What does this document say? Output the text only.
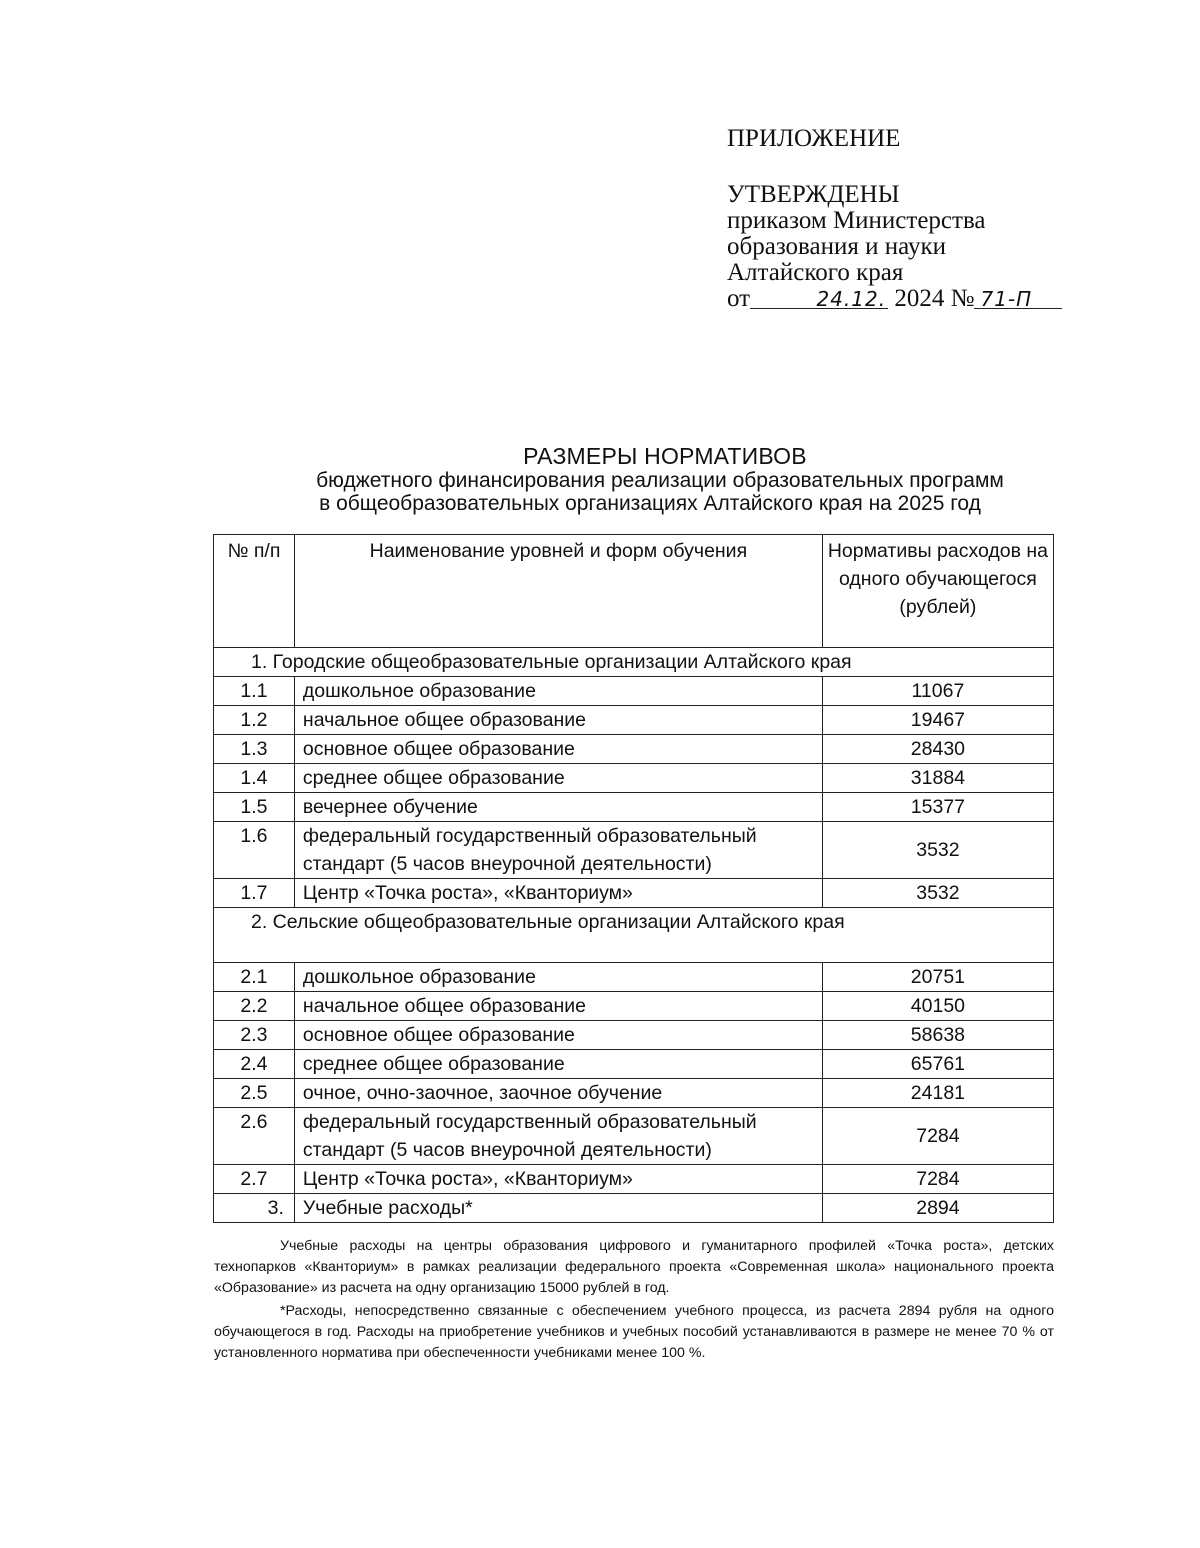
ПРИЛОЖЕНИЕ
УТВЕРЖДЕНЫ
приказом Министерства
образования и науки
Алтайского края
от	24.12. 2024 № 71-П
РАЗМЕРЫ НОРМАТИВОВ
бюджетного финансирования реализации образовательных программ
в общеобразовательных организациях Алтайского края на 2025 год
№ п/п	Наименование уровней и форм обучения	Нормативы расходов на одного обучающегося (рублей)
1. Городские общеобразовательные организации Алтайского края		
1.1	дошкольное образование	11067
1.2	начальное общее образование	19467
1.3	основное общее образование	28430
1.4	среднее общее образование	31884
1.5	вечернее обучение	15377
1.6	федеральный государственный образовательный стандарт (5 часов внеурочной деятельности)	3532
1.7	Центр «Точка роста», «Кванториум»	3532
2. Сельские общеобразовательные организации Алтайского края		
2.1	дошкольное образование	20751
2.2	начальное общее образование	40150
2.3	основное общее образование	58638
2.4	среднее общее образование	65761
2.5	очное, очно-заочное, заочное обучение	24181
2.6	федеральный государственный образовательный стандарт (5 часов внеурочной деятельности)	7284
2.7	Центр «Точка роста», «Кванториум»	7284
3.	Учебные расходы*	2894

Учебные расходы на центры образования цифрового и гуманитарного профилей «Точка роста», детских технопарков «Кванториум» в рамках реализации федерального проекта «Современная школа» национального проекта «Образование» из расчета на одну организацию 15000 рублей в год.

*Расходы, непосредственно связанные с обеспечением учебного процесса, из расчета 2894 рубля на одного обучающегося в год. Расходы на приобретение учебников и учебных пособий устанавливаются в размере не менее 70 % от установленного норматива при обеспеченности учебниками менее 100 %.
